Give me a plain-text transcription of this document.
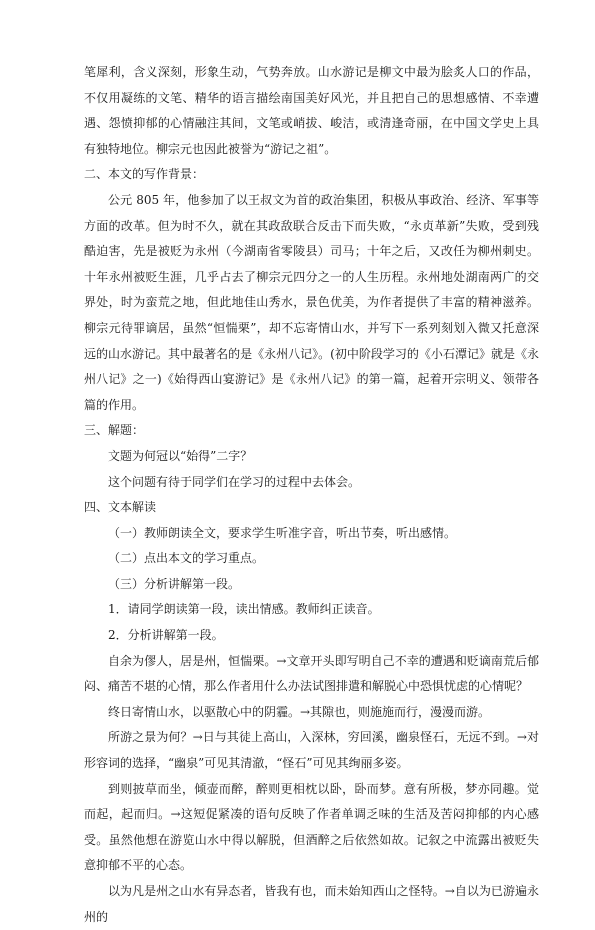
笔犀利，含义深刻，形象生动，气势奔放。山水游记是柳文中最为脍炙人口的作品，不仅用凝练的文笔、精华的语言描绘南国美好风光，并且把自己的思想感情、不幸遭遇、怨愤抑郁的心情融注其间，文笔或峭拔、峻洁，或清逢奇丽，在中国文学史上具有独特地位。柳宗元也因此被誉为“游记之祖”。

二、本文的写作背景：

公元 805 年，他参加了以王叔文为首的政治集团，积极从事政治、经济、军事等方面的改革。但为时不久，就在其政敌联合反击下而失败，“永贞革新”失败，受到残酷迫害，先是被贬为永州（今湖南省零陵县）司马；十年之后，又改任为柳州刺史。十年永州被贬生涯，几乎占去了柳宗元四分之一的人生历程。永州地处湖南两广的交界处，时为蛮荒之地，但此地佳山秀水，景色优美，为作者提供了丰富的精神滋养。柳宗元待罪谪居，虽然“恒惴栗”，却不忘寄情山水，并写下一系列刻划入微又托意深远的山水游记。其中最著名的是《永州八记》。(初中阶段学习的《小石潭记》就是《永州八记》之一)《始得西山宴游记》是《永州八记》的第一篇，起着开宗明义、领带各篇的作用。

三、解题：

文题为何冠以“始得”二字？

这个问题有待于同学们在学习的过程中去体会。

四、文本解读

（一）教师朗读全文，要求学生听准字音，听出节奏，听出感情。

（二）点出本文的学习重点。

（三）分析讲解第一段。

1．请同学朗读第一段，读出情感。教师纠正读音。

2．分析讲解第一段。

自余为僇人，居是州，恒惴栗。→文章开头即写明自己不幸的遭遇和贬谪南荒后郁闷、痛苦不堪的心情，那么作者用什么办法试图排遣和解脱心中恐惧忧虑的心情呢？

终日寄情山水，以驱散心中的阴霾。→其隙也，则施施而行，漫漫而游。

所游之景为何？→日与其徒上高山，入深林，穷回溪，幽泉怪石，无远不到。→对形容词的选择，“幽泉”可见其清澈，“怪石”可见其绚丽多姿。

到则披草而坐，倾壶而醉，醉则更相枕以卧，卧而梦。意有所极，梦亦同趣。觉而起，起而归。→这短促紧凑的语句反映了作者单调乏味的生活及苦闷抑郁的内心感受。虽然他想在游览山水中得以解脱，但酒醉之后依然如故。记叙之中流露出被贬失意抑郁不平的心态。

以为凡是州之山水有异态者，皆我有也，而未始知西山之怪特。→自以为已游遍永州的
